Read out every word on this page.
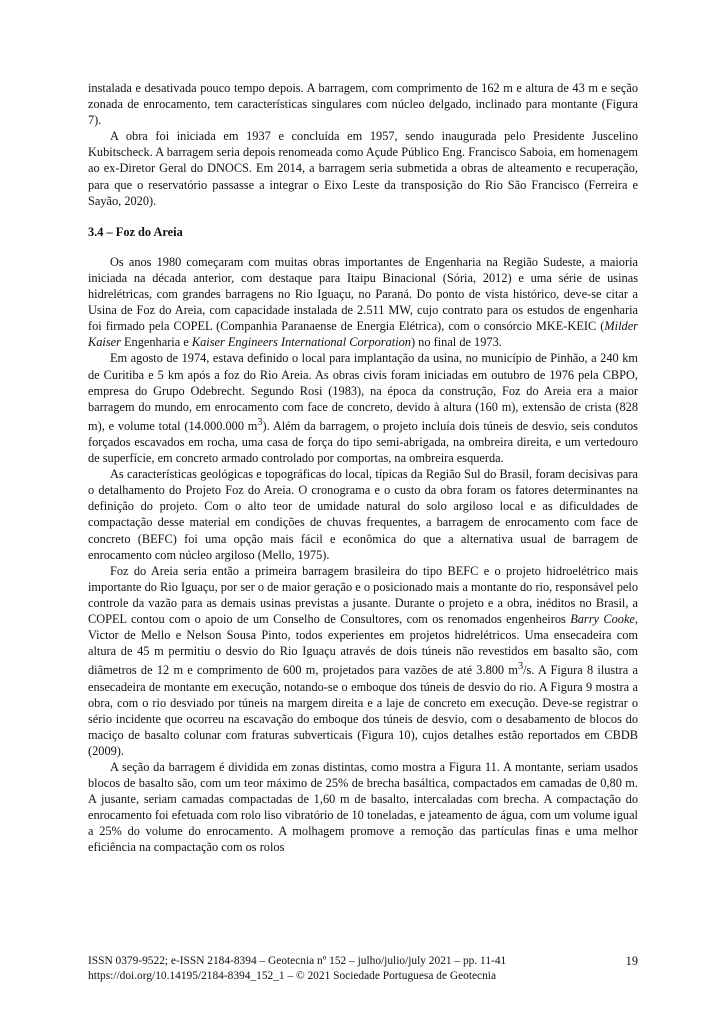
instalada e desativada pouco tempo depois. A barragem, com comprimento de 162 m e altura de 43 m e seção zonada de enrocamento, tem características singulares com núcleo delgado, inclinado para montante (Figura 7).

A obra foi iniciada em 1937 e concluída em 1957, sendo inaugurada pelo Presidente Juscelino Kubitscheck. A barragem seria depois renomeada como Açude Público Eng. Francisco Saboia, em homenagem ao ex-Diretor Geral do DNOCS. Em 2014, a barragem seria submetida a obras de alteamento e recuperação, para que o reservatório passasse a integrar o Eixo Leste da transposição do Rio São Francisco (Ferreira e Sayão, 2020).

3.4 – Foz do Areia

Os anos 1980 começaram com muitas obras importantes de Engenharia na Região Sudeste, a maioria iniciada na década anterior, com destaque para Itaipu Binacional (Sória, 2012) e uma série de usinas hidrelétricas, com grandes barragens no Rio Iguaçu, no Paraná. Do ponto de vista histórico, deve-se citar a Usina de Foz do Areia, com capacidade instalada de 2.511 MW, cujo contrato para os estudos de engenharia foi firmado pela COPEL (Companhia Paranaense de Energia Elétrica), com o consórcio MKE-KEIC (Milder Kaiser Engenharia e Kaiser Engineers International Corporation) no final de 1973.

Em agosto de 1974, estava definido o local para implantação da usina, no município de Pinhão, a 240 km de Curitiba e 5 km após a foz do Rio Areia. As obras civis foram iniciadas em outubro de 1976 pela CBPO, empresa do Grupo Odebrecht. Segundo Rosi (1983), na época da construção, Foz do Areia era a maior barragem do mundo, em enrocamento com face de concreto, devido à altura (160 m), extensão de crista (828 m), e volume total (14.000.000 $m^3$). Além da barragem, o projeto incluía dois túneis de desvio, seis condutos forçados escavados em rocha, uma casa de força do tipo semi-abrigada, na ombreira direita, e um vertedouro de superfície, em concreto armado controlado por comportas, na ombreira esquerda.

As características geológicas e topográficas do local, típicas da Região Sul do Brasil, foram decisivas para o detalhamento do Projeto Foz do Areia. O cronograma e o custo da obra foram os fatores determinantes na definição do projeto. Com o alto teor de umidade natural do solo argiloso local e as dificuldades de compactação desse material em condições de chuvas frequentes, a barragem de enrocamento com face de concreto (BEFC) foi uma opção mais fácil e econômica do que a alternativa usual de barragem de enrocamento com núcleo argiloso (Mello, 1975).

Foz do Areia seria então a primeira barragem brasileira do tipo BEFC e o projeto hidroelétrico mais importante do Rio Iguaçu, por ser o de maior geração e o posicionado mais a montante do rio, responsável pelo controle da vazão para as demais usinas previstas a jusante. Durante o projeto e a obra, inéditos no Brasil, a COPEL contou com o apoio de um Conselho de Consultores, com os renomados engenheiros Barry Cooke, Victor de Mello e Nelson Sousa Pinto, todos experientes em projetos hidrelétricos. Uma ensecadeira com altura de 45 m permitiu o desvio do Rio Iguaçu através de dois túneis não revestidos em basalto são, com diâmetros de 12 m e comprimento de 600 m, projetados para vazões de até 3.800 $m^3/s$. A Figura 8 ilustra a ensecadeira de montante em execução, notando-se o emboque dos túneis de desvio do rio. A Figura 9 mostra a obra, com o rio desviado por túneis na margem direita e a laje de concreto em execução. Deve-se registrar o sério incidente que ocorreu na escavação do emboque dos túneis de desvio, com o desabamento de blocos do maciço de basalto colunar com fraturas subverticais (Figura 10), cujos detalhes estão reportados em CBDB (2009).

A seção da barragem é dividida em zonas distintas, como mostra a Figura 11. A montante, seriam usados blocos de basalto são, com um teor máximo de 25% de brecha basáltica, compactados em camadas de 0,80 m. A jusante, seriam camadas compactadas de 1,60 m de basalto, intercaladas com brecha. A compactação do enrocamento foi efetuada com rolo liso vibratório de 10 toneladas, e jateamento de água, com um volume igual a 25% do volume do enrocamento. A molhagem promove a remoção das partículas finas e uma melhor eficiência na compactação com os rolos

ISSN 0379-9522; e-ISSN 2184-8394 – Geotecnia nº 152 – julho/julio/july 2021 – pp. 11-41
https://doi.org/10.14195/2184-8394_152_1 – © 2021 Sociedade Portuguesa de Geotecnia
19
